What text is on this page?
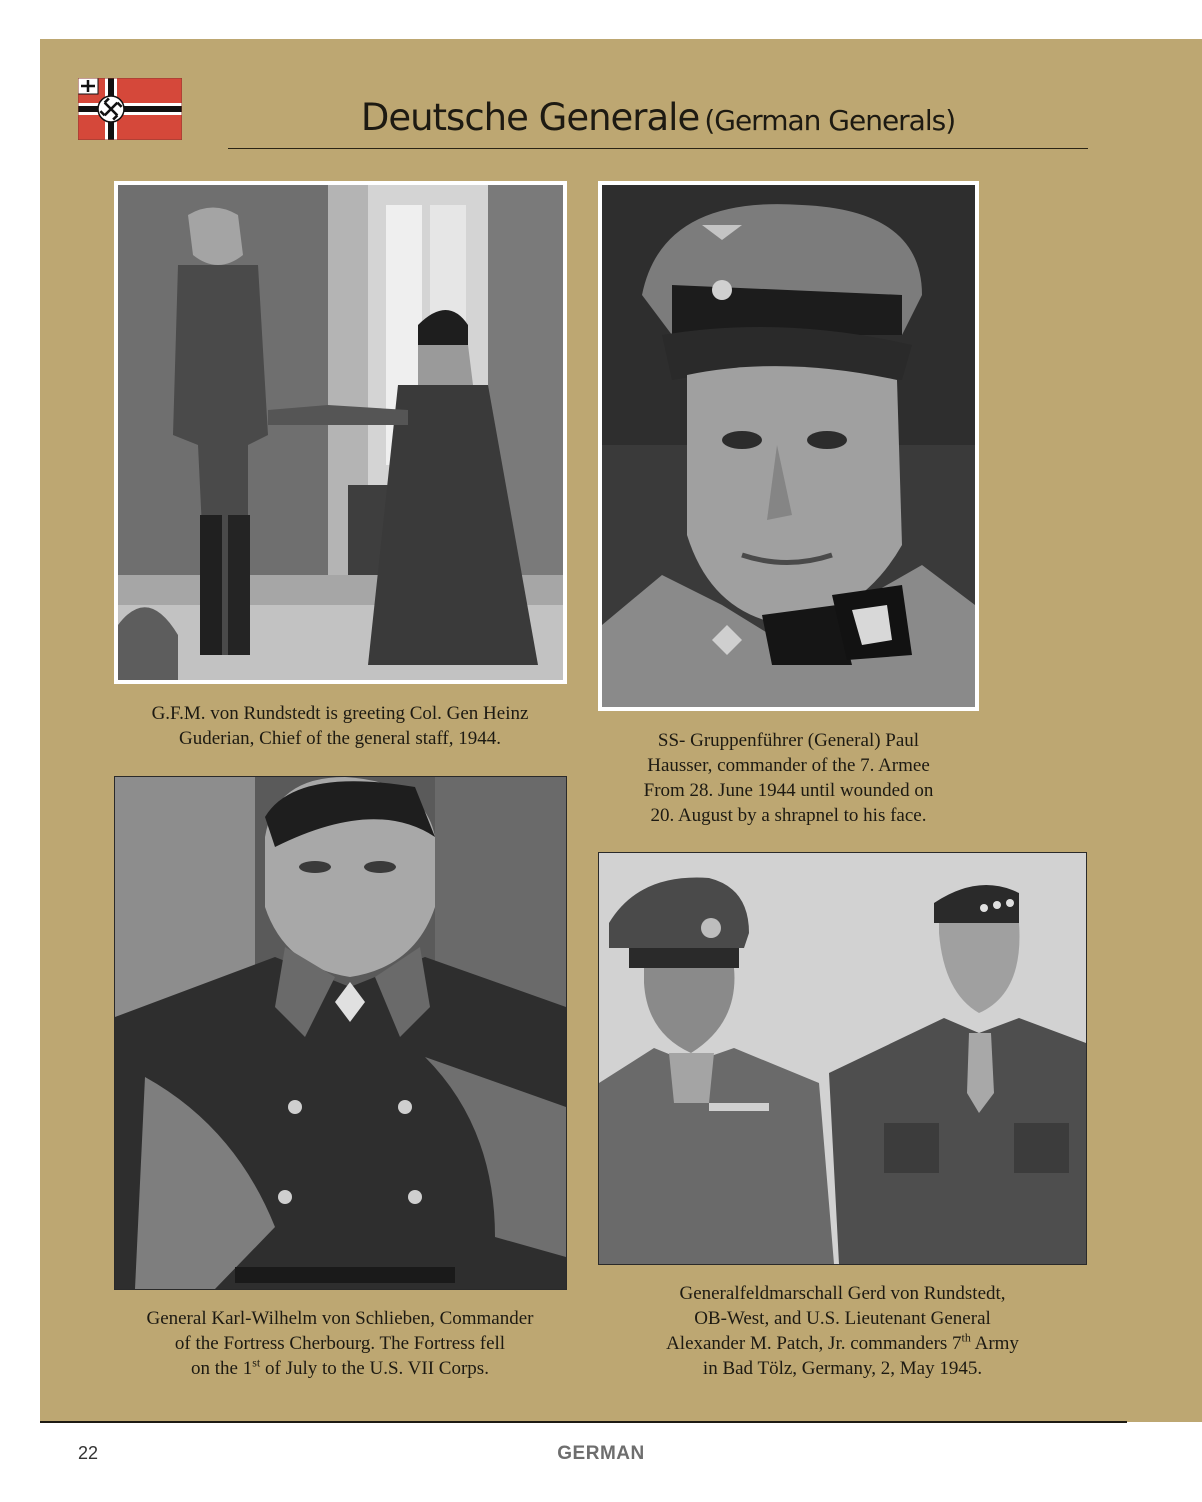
Deutsche Generale (German Generals)
G.F.M. von Rundstedt is greeting Col. Gen Heinz
Guderian, Chief of the general staff, 1944.	SS- Gruppenführer (General) Paul
Hausser, commander of the 7. Armee
From 28. June 1944 until wounded on
20. August by a shrapnel to his face.
General Karl-Wilhelm von Schlieben, Commander
of the Fortress Cherbourg. The Fortress fell
on the 1st of July to the U.S. VII Corps.
Generalfeldmarschall Gerd von Rundstedt,
OB-West, and U.S. Lieutenant General
Alexander M. Patch, Jr. commanders 7th Army
in Bad Tölz, Germany, 2, May 1945.
22	GERMAN
